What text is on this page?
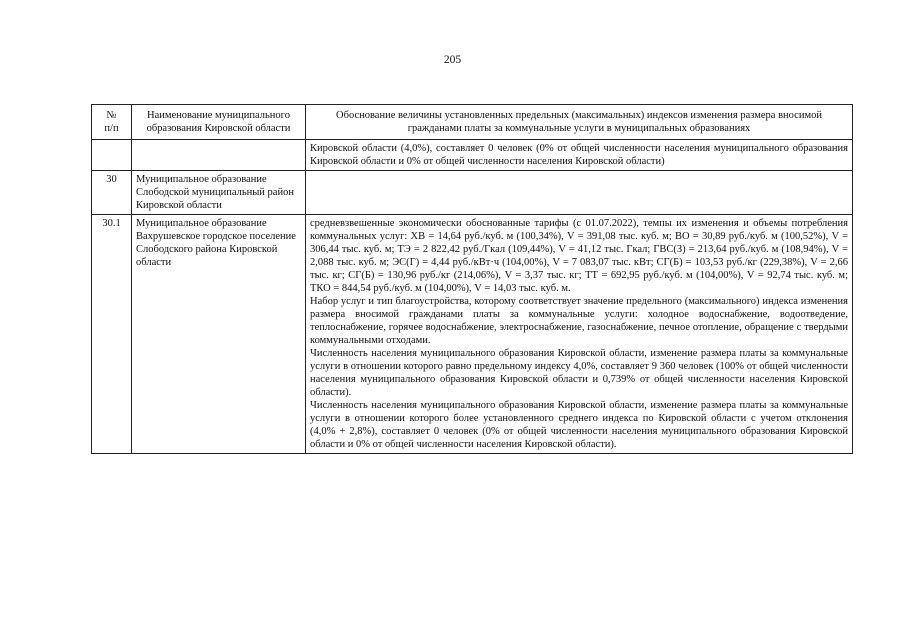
205
№
п/п	Наименование муниципального образования Кировской области	Обоснование величины установленных предельных (максимальных) индексов изменения размера вносимой гражданами платы за коммунальные услуги в муниципальных образованиях

		Кировской области (4,0%), составляет 0 человек (0% от общей численности населения муниципального образования Кировской области и 0% от общей численности населения Кировской области)

30	Муниципальное образование Слободской муниципальный район Кировской области	

30.1	Муниципальное образование Вахрушевское городское поселение Слободского района Кировской области	средневзвешенные экономически обоснованные тарифы (с 01.07.2022), темпы их изменения и объемы потребления коммунальных услуг: ХВ = 14,64 руб./куб. м (100,34%), V = 391,08 тыс. куб. м; ВО = 30,89 руб./куб. м (100,52%), V = 306,44 тыс. куб. м; ТЭ = 2 822,42 руб./Гкал (109,44%), V = 41,12 тыс. Гкал; ГВС(З) = 213,64 руб./куб. м (108,94%), V = 2,088 тыс. куб. м; ЭС(Г) = 4,44 руб./кВт·ч (104,00%), V = 7 083,07 тыс. кВт; СГ(Б) = 103,53 руб./кг (229,38%), V = 2,66 тыс. кг; СГ(Б) = 130,96 руб./кг (214,06%), V = 3,37 тыс. кг; ТТ = 692,95 руб./куб. м (104,00%), V = 92,74 тыс. куб. м; ТКО = 844,54 руб./куб. м (104,00%), V = 14,03 тыс. куб. м.

Набор услуг и тип благоустройства, которому соответствует значение предельного (максимального) индекса изменения размера вносимой гражданами платы за коммунальные услуги: холодное водоснабжение, водоотведение, теплоснабжение, горячее водоснабжение, электроснабжение, газоснабжение, печное отопление, обращение с твердыми коммунальными отходами.

Численность населения муниципального образования Кировской области, изменение размера платы за коммунальные услуги в отношении которого равно предельному индексу 4,0%, составляет 9 360 человек (100% от общей численности населения муниципального образования Кировской области и 0,739% от общей численности населения Кировской области).

Численность населения муниципального образования Кировской области, изменение размера платы за коммунальные услуги в отношении которого более установленного среднего индекса по Кировской области с учетом отклонения (4,0% + 2,8%), составляет 0 человек (0% от общей численности населения муниципального образования Кировской области и 0% от общей численности населения Кировской области).
